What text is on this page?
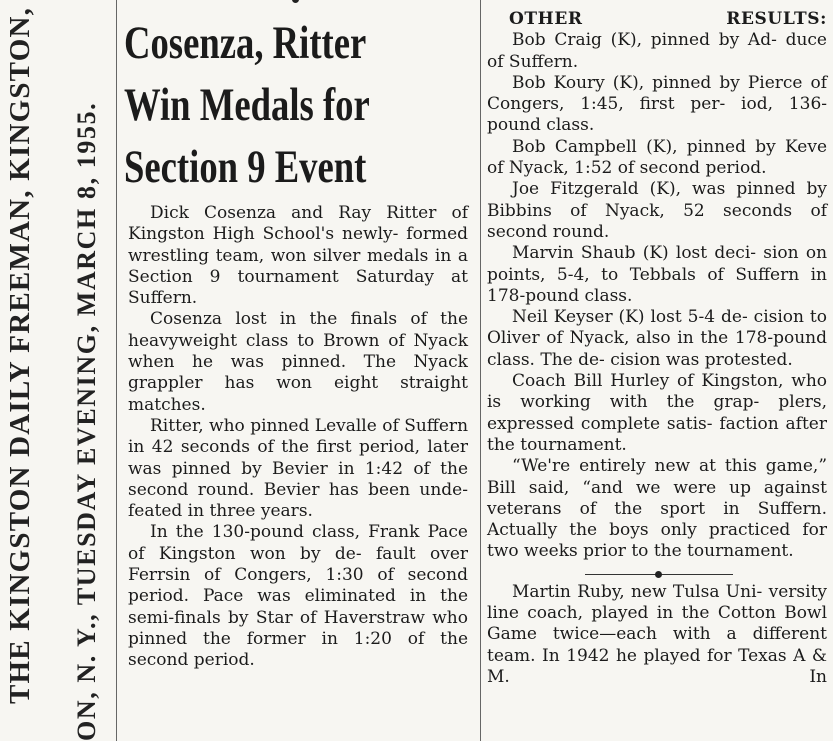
THE KINGSTON DAILY FREEMAN, KINGSTON, ON, N. Y., TUESDAY EVENING, MARCH 8, 1955.
Cosenza, Ritter
Win Medals for
Section 9 Event

Dick Cosenza and Ray Ritter of Kingston High School's newly- formed wrestling team, won silver medals in a Section 9 tournament Saturday at Suffern.

Cosenza lost in the finals of the heavyweight class to Brown of Nyack when he was pinned. The Nyack grappler has won eight straight matches.

Ritter, who pinned Levalle of Suffern in 42 seconds of the first period, later was pinned by Bevier in 1:42 of the second round. Bevier has been unde- feated in three years.

In the 130-pound class, Frank Pace of Kingston won by de- fault over Ferrsin of Congers, 1:30 of second period. Pace was eliminated in the semi-finals by Star of Haverstraw who pinned the former in 1:20 of the second period.

OTHER RESULTS:

Bob Craig (K), pinned by Ad- duce of Suffern.

Bob Koury (K), pinned by Pierce of Congers, 1:45, first per- iod, 136-pound class.

Bob Campbell (K), pinned by Keve of Nyack, 1:52 of second period.

Joe Fitzgerald (K), was pinned by Bibbins of Nyack, 52 seconds of second round.

Marvin Shaub (K) lost deci- sion on points, 5-4, to Tebbals of Suffern in 178-pound class.

Neil Keyser (K) lost 5-4 de- cision to Oliver of Nyack, also in the 178-pound class. The de- cision was protested.

Coach Bill Hurley of Kingston, who is working with the grap- plers, expressed complete satis- faction after the tournament.

“We're entirely new at this game,” Bill said, “and we were up against veterans of the sport in Suffern. Actually the boys only practiced for two weeks prior to the tournament.

Martin Ruby, new Tulsa Uni- versity line coach, played in the Cotton Bowl Game twice—each with a different team. In 1942 he played for Texas A & M. In
